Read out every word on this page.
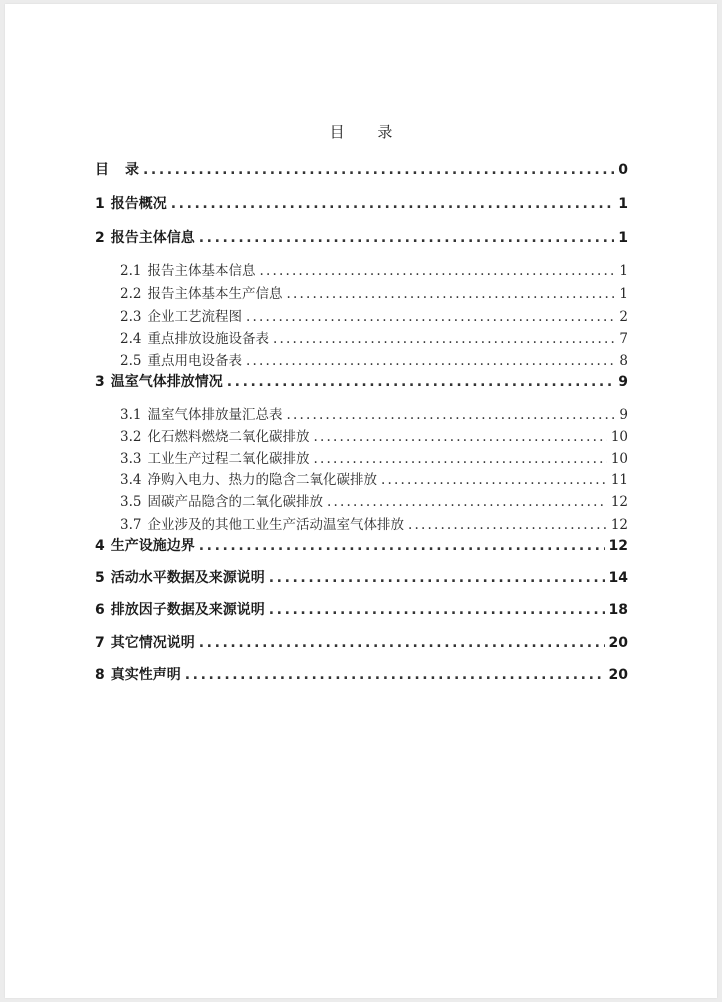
目 录
目 录 .....	0
1 报告概况 .....	1
2 报告主体信息 .....	1
2.1 报告主体基本信息 .....	1
2.2 报告主体基本生产信息 .....	1
2.3 企业工艺流程图 .....	2
2.4 重点排放设施设备表 .....	7
2.5 重点用电设备表 .....	8
3 温室气体排放情况 .....	9
3.1 温室气体排放量汇总表 .....	9
3.2 化石燃料燃烧二氧化碳排放 .....	10
3.3 工业生产过程二氧化碳排放 .....	10
3.4 净购入电力、热力的隐含二氧化碳排放 .....	11
3.5 固碳产品隐含的二氧化碳排放 .....	12
3.7 企业涉及的其他工业生产活动温室气体排放 .....	12
4 生产设施边界 .....	12
5 活动水平数据及来源说明 .....	14
6 排放因子数据及来源说明 .....	18
7 其它情况说明 .....	20
8 真实性声明 .....	20
